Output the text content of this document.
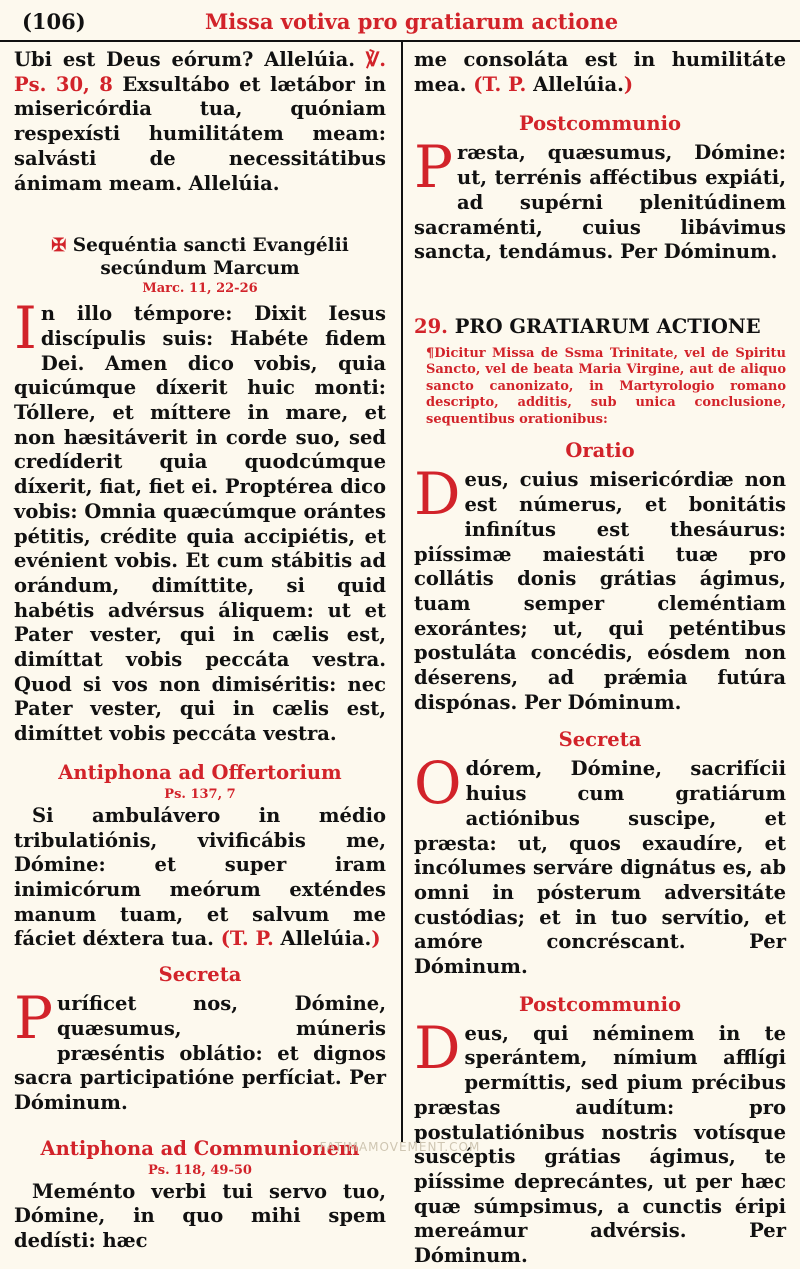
(106)	Missa votiva pro gratiarum actione

Ubi est Deus eórum? Allelúia. ℣. Ps. 30, 8 Exsultábo et lætábor in misericórdia tua, quóniam respexísti humilitátem meam: salvásti de necessitátibus ánimam meam. Allelúia.

✠ Sequéntia sancti Evangélii secúndum Marcum

Marc. 11, 22-26

I n illo témpore: Dixit Iesus discípulis suis: Habéte fidem Dei. Amen dico vobis, quia quicúmque díxerit huic monti: Tóllere, et míttere in mare, et non hæsitáverit in corde suo, sed credíderit quia quodcúmque díxerit, fiat, fiet ei. Proptérea dico vobis: Omnia quæcúmque orántes pétitis, crédite quia accipiétis, et evénient vobis. Et cum stábitis ad orándum, dimíttite, si quid habétis advérsus áliquem: ut et Pater vester, qui in cælis est, dimíttat vobis peccáta vestra. Quod si vos non dimiséritis: nec Pater vester, qui in cælis est, dimíttet vobis peccáta vestra.

Antiphona ad Offertorium

Ps. 137, 7

Si ambulávero in médio tribulatiónis, vivificábis me, Dómine: et super iram inimicórum meórum exténdes manum tuam, et salvum me fáciet déxtera tua. (T. P. Allelúia.)

Secreta

P uríficet nos, Dómine, quæsumus, múneris præséntis oblátio: et dignos sacra participatióne perfíciat. Per Dóminum.

Antiphona ad Communionem

Ps. 118, 49-50

Meménto verbi tui servo tuo, Dómine, in quo mihi spem dedísti: hæc

me consoláta est in humilitáte mea. (T. P. Allelúia.)

Postcommunio

P ræsta, quæsumus, Dómine: ut, terrénis afféctibus expiáti, ad supérni plenitúdinem sacraménti, cuius libávimus sancta, tendámus. Per Dóminum.

29. PRO GRATIARUM ACTIONE

¶Dicitur Missa de Ssma Trinitate, vel de Spiritu Sancto, vel de beata Maria Virgine, aut de aliquo sancto canonizato, in Martyrologio romano descripto, additis, sub unica conclusione, sequentibus orationibus:

Oratio

D eus, cuius misericórdiæ non est númerus, et bonitátis infinítus est thesáurus: piíssimæ maiestáti tuæ pro collátis donis grátias ágimus, tuam semper cleméntiam exorántes; ut, qui peténtibus postuláta concédis, eósdem non déserens, ad prǽmia futúra dispónas. Per Dóminum.

Secreta

O dórem, Dómine, sacrifícii huius cum gratiárum actiónibus suscipe, et præsta: ut, quos exaudíre, et incólumes serváre dignátus es, ab omni in pósterum adversitáte custódias; et in tuo servítio, et amóre concréscant. Per Dóminum.

Postcommunio

D eus, qui néminem in te sperántem, nímium afflígi permíttis, sed pium précibus præstas audítum: pro postulatiónibus nostris votísque suscéptis grátias ágimus, te piíssime deprecántes, ut per hæc quæ súmpsimus, a cunctis éripi mereámur advérsis. Per Dóminum.

FATIMAMOVEMENT.COM
